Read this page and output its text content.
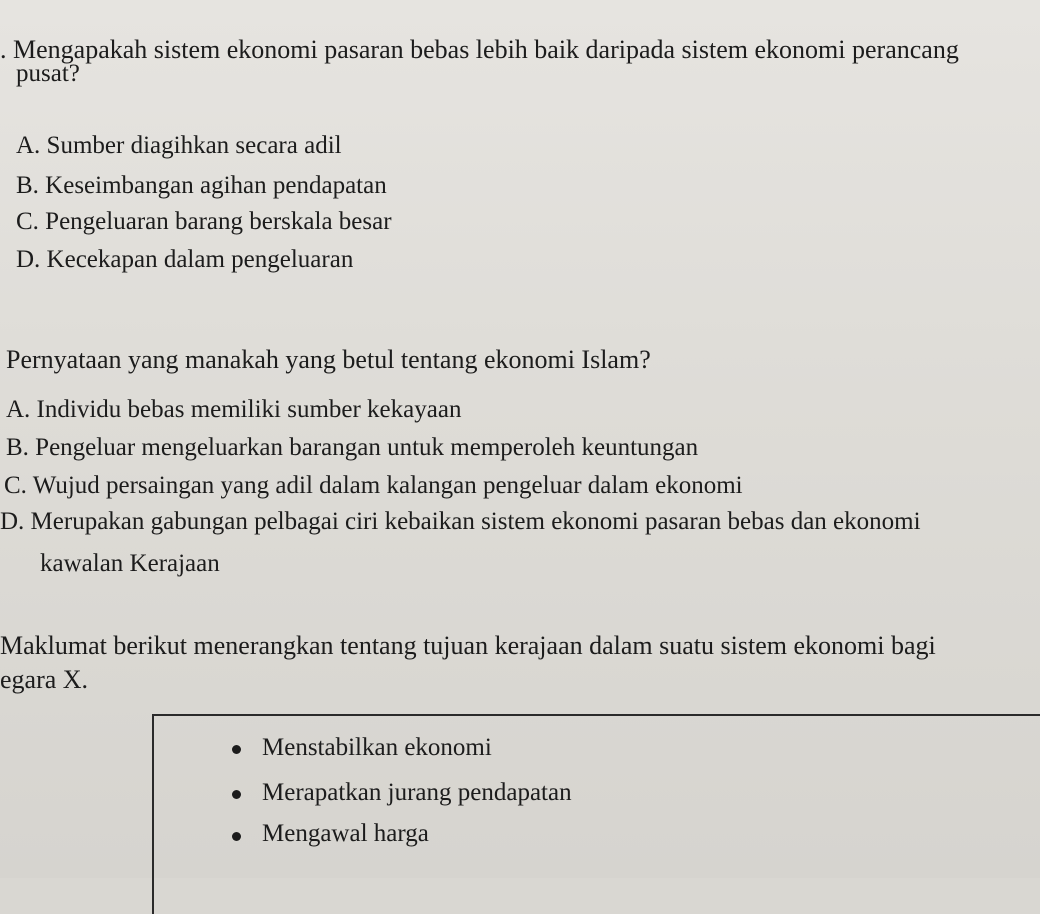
. Mengapakah sistem ekonomi pasaran bebas lebih baik daripada sistem ekonomi perancang
pusat?
A. Sumber diagihkan secara adil
B. Keseimbangan agihan pendapatan
C. Pengeluaran barang berskala besar
D. Kecekapan dalam pengeluaran
Pernyataan yang manakah yang betul tentang ekonomi Islam?
A. Individu bebas memiliki sumber kekayaan
B. Pengeluar mengeluarkan barangan untuk memperoleh keuntungan
C. Wujud persaingan yang adil dalam kalangan pengeluar dalam ekonomi
D. Merupakan gabungan pelbagai ciri kebaikan sistem ekonomi pasaran bebas dan ekonomi
kawalan Kerajaan
Maklumat berikut menerangkan tentang tujuan kerajaan dalam suatu sistem ekonomi bagi
egara X.
Menstabilkan ekonomi
Merapatkan jurang pendapatan
Mengawal harga
